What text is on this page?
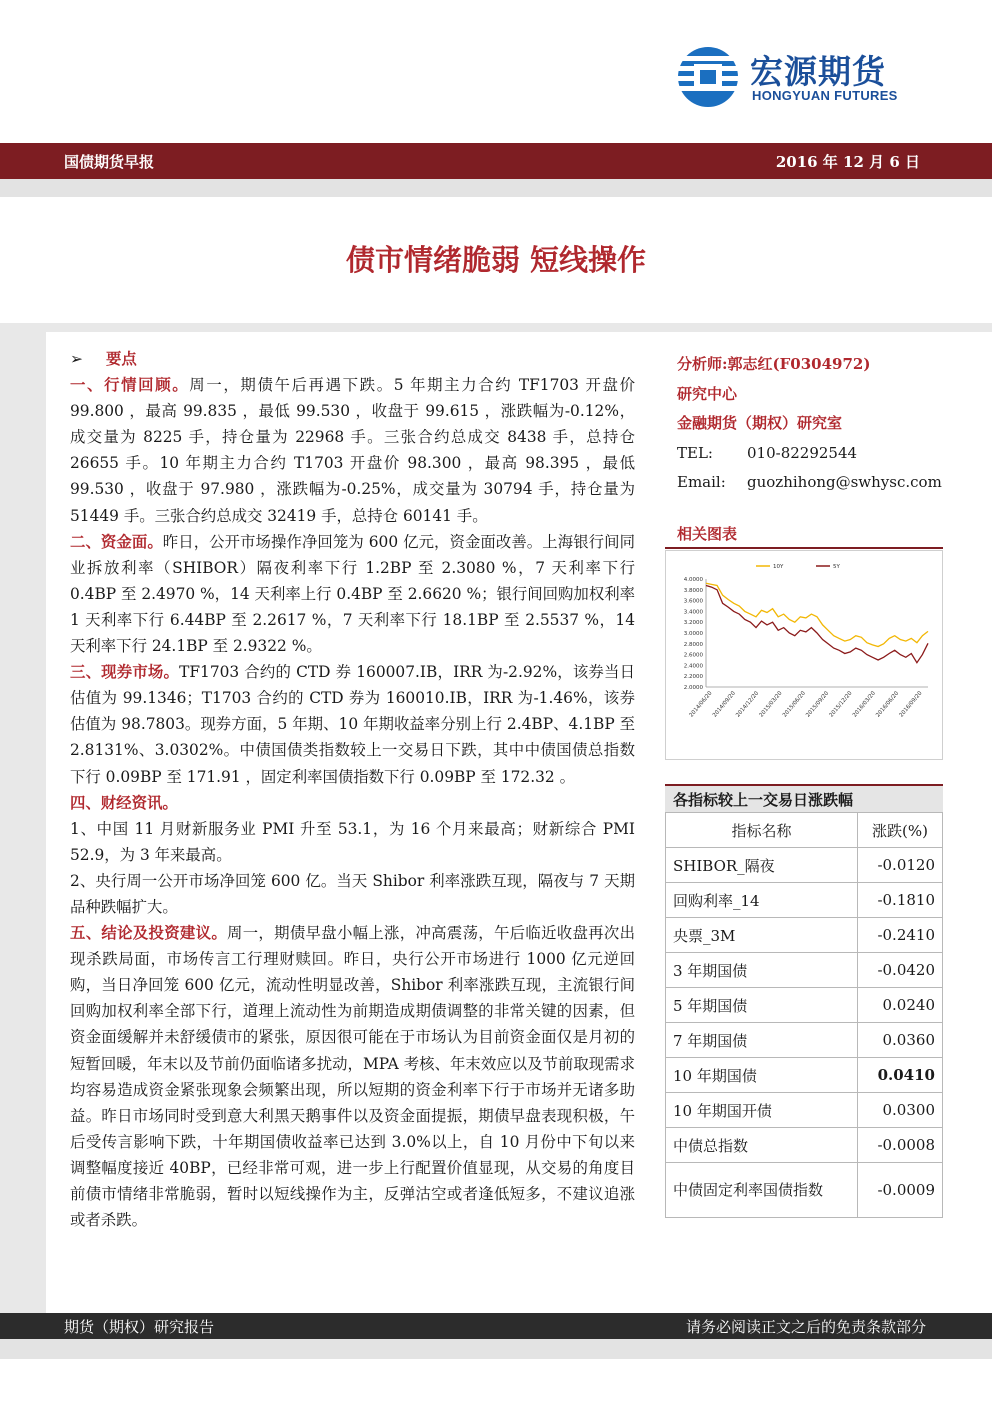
宏源期货
HONGYUAN FUTURES
国债期货早报	2016 年 12 月 6 日
债市情绪脆弱 短线操作

➢ 要点

一、行情回顾。周一，期债午后再遇下跌。5 年期主力合约 TF1703 开盘价 99.800 ，最高 99.835 ，最低 99.530 ，收盘于 99.615 ，涨跌幅为-0.12%，成交量为 8225 手，持仓量为 22968 手。三张合约总成交 8438 手，总持仓 26655 手。10 年期主力合约 T1703 开盘价 98.300 ，最高 98.395 ，最低 99.530 ，收盘于 97.980 ，涨跌幅为-0.25%，成交量为 30794 手，持仓量为 51449 手。三张合约总成交 32419 手，总持仓 60141 手。

二、资金面。昨日，公开市场操作净回笼为 600 亿元，资金面改善。上海银行间同业拆放利率（SHIBOR）隔夜利率下行 1.2BP 至 2.3080 %，7 天利率下行 0.4BP 至 2.4970 %，14 天利率上行 0.4BP 至 2.6620 %；银行间回购加权利率 1 天利率下行 6.44BP 至 2.2617 %，7 天利率下行 18.1BP 至 2.5537 %，14 天利率下行 24.1BP 至 2.9322 %。

三、现券市场。TF1703 合约的 CTD 券 160007.IB，IRR 为-2.92%，该券当日估值为 99.1346；T1703 合约的 CTD 券为 160010.IB，IRR 为-1.46%，该券估值为 98.7803。现券方面，5 年期、10 年期收益率分别上行 2.4BP、4.1BP 至 2.8131%、3.0302%。中债国债类指数较上一交易日下跌，其中中债国债总指数下行 0.09BP 至 171.91 ，固定利率国债指数下行 0.09BP 至 172.32 。

四、财经资讯。

1、中国 11 月财新服务业 PMI 升至 53.1，为 16 个月来最高；财新综合 PMI 52.9，为 3 年来最高。

2、央行周一公开市场净回笼 600 亿。当天 Shibor 利率涨跌互现，隔夜与 7 天期品种跌幅扩大。

五、结论及投资建议。周一，期债早盘小幅上涨，冲高震荡，午后临近收盘再次出现杀跌局面，市场传言工行理财赎回。昨日，央行公开市场进行 1000 亿元逆回购，当日净回笼 600 亿元，流动性明显改善，Shibor 利率涨跌互现，主流银行间回购加权利率全部下行，道理上流动性为前期造成期债调整的非常关键的因素，但资金面缓解并未舒缓债市的紧张，原因很可能在于市场认为目前资金面仅是月初的短暂回暖，年末以及节前仍面临诸多扰动，MPA 考核、年末效应以及节前取现需求均容易造成资金紧张现象会频繁出现，所以短期的资金利率下行于市场并无诸多助益。昨日市场同时受到意大利黑天鹅事件以及资金面提振，期债早盘表现积极，午后受传言影响下跌，十年期国债收益率已达到 3.0%以上，自 10 月份中下旬以来调整幅度接近 40BP，已经非常可观，进一步上行配置价值显现，从交易的角度目前债市情绪非常脆弱，暂时以短线操作为主，反弹沽空或者逢低短多，不建议追涨或者杀跌。

分析师:郭志红(F0304972)
研究中心
金融期货（期权）研究室
TEL:	010-82292544
Email:	guozhihong@swhysc.com
相关图表
4.0000
3.8000
3.6000
3.4000
3.2000
3.0000
2.8000
2.6000
2.4000
2.2000
2.0000
2014/06/20
2014/09/20
2014/12/20
2015/03/20
2015/06/20
2015/09/20
2015/12/20
2016/03/20
2016/06/20
2016/09/20
10Y	5Y
各指标较上一交易日涨跌幅
指标名称	涨跌(%)
SHIBOR_隔夜	-0.0120
回购利率_14	-0.1810
央票_3M	-0.2410
3 年期国债	-0.0420
5 年期国债	0.0240
7 年期国债	0.0360
10 年期国债	0.0410
10 年期国开债	0.0300
中债总指数	-0.0008
中债固定利率国债指数	-0.0009
期货（期权）研究报告	请务必阅读正文之后的免责条款部分
